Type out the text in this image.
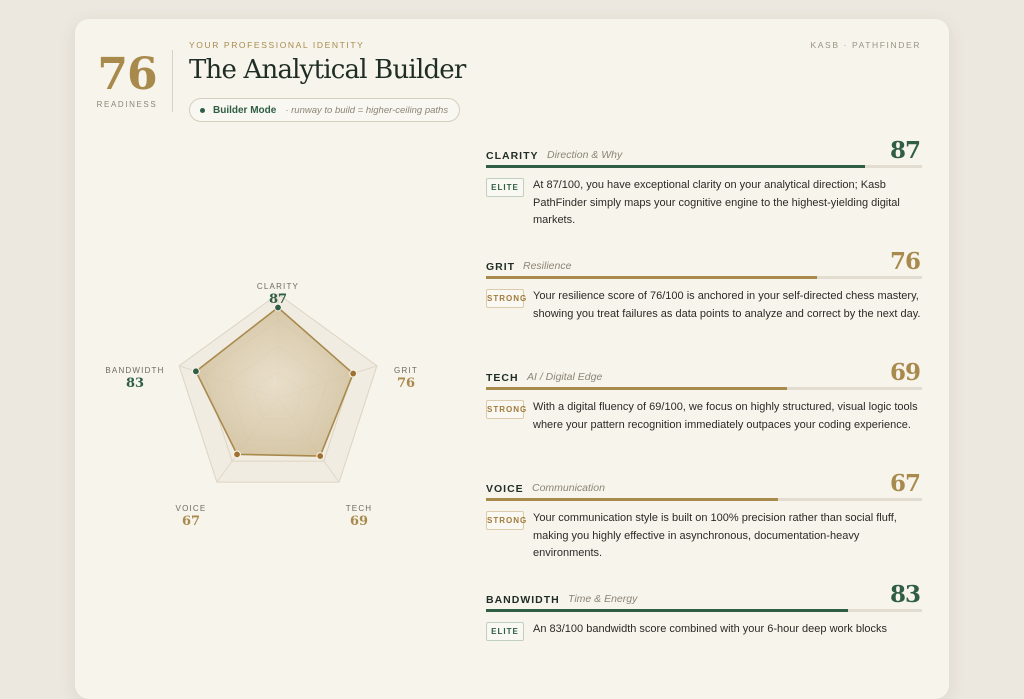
76
READINESS
YOUR PROFESSIONAL IDENTITY	KASB · PATHFINDER
The Analytical Builder
Builder Mode · runway to build = higher-ceiling paths
CLARITY
87
GRIT
76
TECH
69
VOICE
67
BANDWIDTH
83
CLARITY Direction & Why	87
ELITE	At 87/100, you have exceptional clarity on your analytical direction; Kasb PathFinder simply maps your cognitive engine to the highest-yielding digital markets.
GRIT Resilience	76
STRONG Your resilience score of 76/100 is anchored in your self-directed chess mastery, showing you treat failures as data points to analyze and correct by the next day.
TECH AI / Digital Edge	69
STRONG With a digital fluency of 69/100, we focus on highly structured, visual logic tools where your pattern recognition immediately outpaces your coding experience.
VOICE Communication	67
STRONG Your communication style is built on 100% precision rather than social fluff, making you highly effective in asynchronous, documentation-heavy environments.
BANDWIDTH Time & Energy	83
ELITE	An 83/100 bandwidth score combined with your 6-hour deep work blocks
